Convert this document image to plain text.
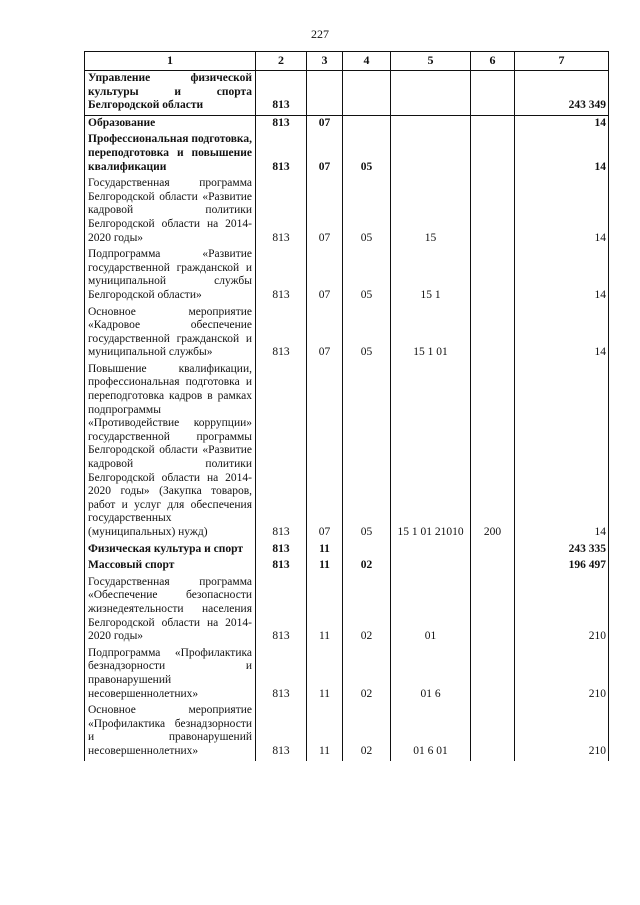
227
1	2	3	4	5	6	7
Управление физической культуры и спорта Белгородской области	813					243 349
Образование	813	07				14
Профессиональная подготовка, переподготовка и повышение квалификации	813	07	05			14
Государственная программа Белгородской области «Развитие кадровой политики Белгородской области на 2014-2020 годы»	813	07	05	15		14
Подпрограмма «Развитие государственной гражданской и муниципальной службы Белгородской области»	813	07	05	15 1		14
Основное мероприятие «Кадровое обеспечение государственной гражданской и муниципальной службы»	813	07	05	15 1 01		14
Повышение квалификации, профессиональная подготовка и переподготовка кадров в рамках подпрограммы «Противодействие коррупции» государственной программы Белгородской области «Развитие кадровой политики Белгородской области на 2014-2020 годы» (Закупка товаров, работ и услуг для обеспечения государственных (муниципальных) нужд)	813	07	05	15 1 01 21010	200	14
Физическая культура и спорт	813	11				243 335
Массовый спорт	813	11	02			196 497
Государственная программа «Обеспечение безопасности жизнедеятельности населения Белгородской области на 2014-2020 годы»	813	11	02	01		210
Подпрограмма «Профилактика безнадзорности и правонарушений несовершеннолетних»	813	11	02	01 6		210
Основное мероприятие «Профилактика безнадзорности и правонарушений несовершеннолетних»	813	11	02	01 6 01		210
